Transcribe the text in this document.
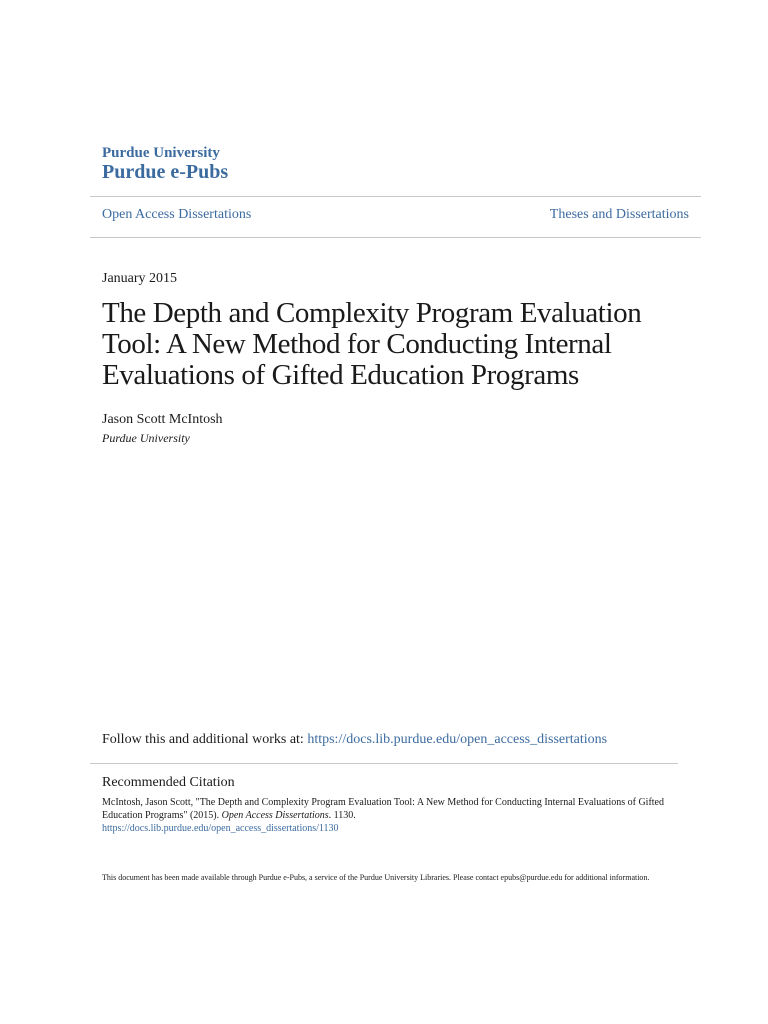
Purdue University
Purdue e-Pubs
Open Access Dissertations	Theses and Dissertations
January 2015
The Depth and Complexity Program Evaluation Tool: A New Method for Conducting Internal Evaluations of Gifted Education Programs
Jason Scott McIntosh
Purdue University
Follow this and additional works at: https://docs.lib.purdue.edu/open_access_dissertations
Recommended Citation
McIntosh, Jason Scott, "The Depth and Complexity Program Evaluation Tool: A New Method for Conducting Internal Evaluations of Gifted Education Programs" (2015). Open Access Dissertations. 1130.
https://docs.lib.purdue.edu/open_access_dissertations/1130
This document has been made available through Purdue e-Pubs, a service of the Purdue University Libraries. Please contact epubs@purdue.edu for additional information.
